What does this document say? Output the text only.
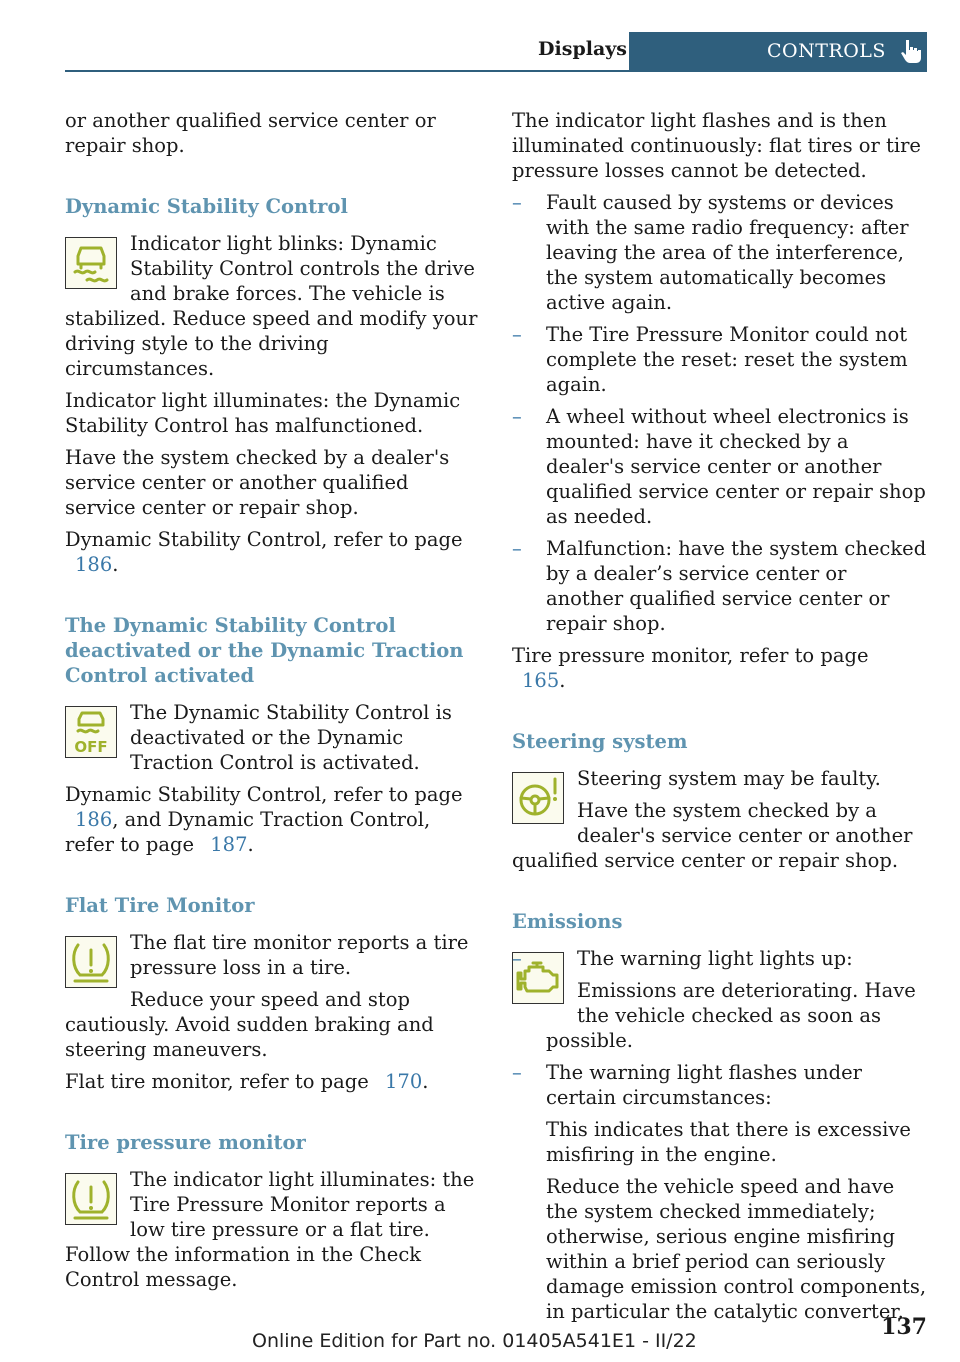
Displays	CONTROLS

or another qualified service center or repair shop.

Dynamic Stability Control

Indicator light blinks: Dynamic Stability Control controls the drive and brake forces. The vehicle is stabilized. Reduce speed and modify your driving style to the driving circumstances.

Indicator light illuminates: the Dynamic Stability Control has malfunctioned.

Have the system checked by a dealer's service center or another qualified service center or repair shop.

Dynamic Stability Control, refer to page 186.

The Dynamic Stability Control deactivated or the Dynamic Traction Control activated
OFF

The Dynamic Stability Control is deactivated or the Dynamic Traction Control is activated.

Dynamic Stability Control, refer to page 186, and Dynamic Traction Control, refer to page 187.

Flat Tire Monitor

The flat tire monitor reports a tire pressure loss in a tire.

Reduce your speed and stop cautiously. Avoid sudden braking and steering maneuvers.

Flat tire monitor, refer to page 170.

Tire pressure monitor

The indicator light illuminates: the Tire Pressure Monitor reports a low tire pressure or a flat tire. Follow the information in the Check Control message.

The indicator light flashes and is then illuminated continuously: flat tires or tire pressure losses cannot be detected.

– Fault caused by systems or devices with the same radio frequency: after leaving the area of the interference, the system automatically becomes active again.
– The Tire Pressure Monitor could not complete the reset: reset the system again.
– A wheel without wheel electronics is mounted: have it checked by a dealer's service center or another qualified service center or repair shop as needed.
– Malfunction: have the system checked by a dealer’s service center or another qualified service center or repair shop.

Tire pressure monitor, refer to page 165.

Steering system

Steering system may be faulty.

Have the system checked by a dealer's service center or another qualified service center or repair shop.

Emissions
–	The warning light lights up:

Emissions are deteriorating. Have the vehicle checked as soon as possible.

– The warning light flashes under certain circumstances:

This indicates that there is excessive misfiring in the engine.

Reduce the vehicle speed and have the system checked immediately; otherwise, serious engine misfiring within a brief period can seriously damage emission control components, in particular the catalytic converter.

137
Online Edition for Part no. 01405A541E1 - II/22
